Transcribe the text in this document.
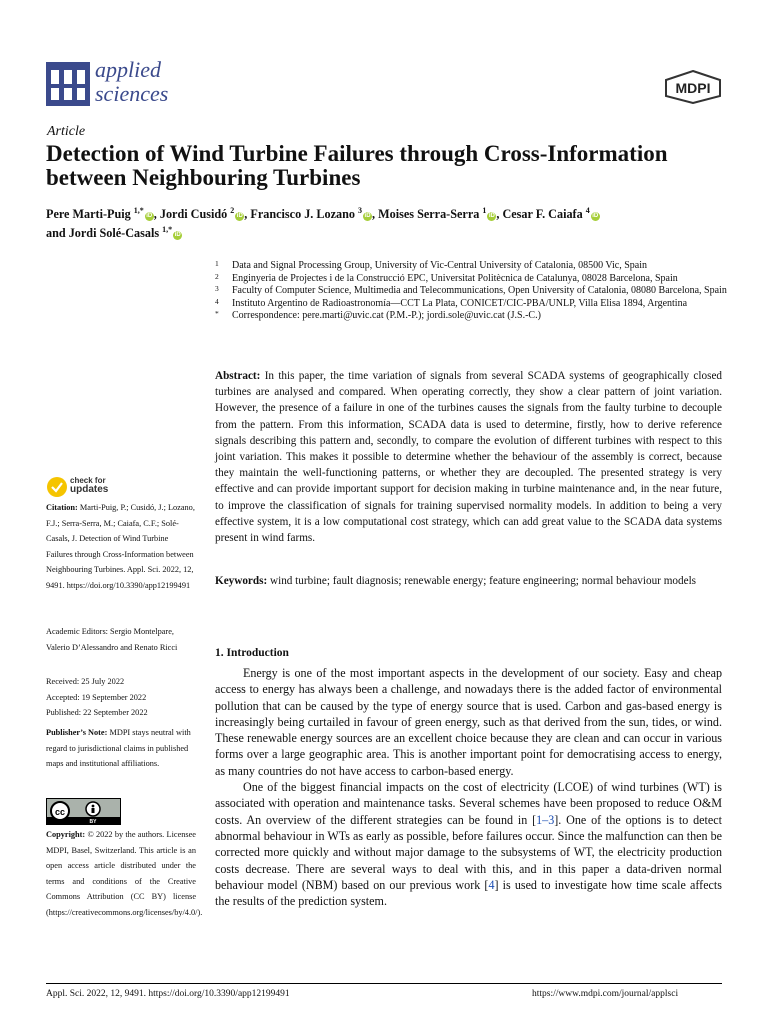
applied
sciences	MDPI
Article
Detection of Wind Turbine Failures through Cross-Information between Neighbouring Turbines
Pere Marti-Puig $^{1,*}$iD , Jordi Cusidó $^2$iD , Francisco J. Lozano $^3$iD , Moises Serra-Serra $^1$iD , Cesar F. Caiafa $^4$iD
and Jordi Solé-Casals $^{1,*}$iD
1 Data and Signal Processing Group, University of Vic-Central University of Catalonia, 08500 Vic, Spain
2 Enginyeria de Projectes i de la Construcció EPC, Universitat Politècnica de Catalunya, 08028 Barcelona, Spain
3 Faculty of Computer Science, Multimedia and Telecommunications, Open University of Catalonia, 08080 Barcelona, Spain
4 Instituto Argentino de Radioastronomía—CCT La Plata, CONICET/CIC-PBA/UNLP, Villa Elisa 1894, Argentina
* Correspondence: pere.marti@uvic.cat (P.M.-P.); jordi.sole@uvic.cat (J.S.-C.)
Abstract: In this paper, the time variation of signals from several SCADA systems of geographically closed turbines are analysed and compared. When operating correctly, they show a clear pattern of joint variation. However, the presence of a failure in one of the turbines causes the signals from the faulty turbine to decouple from the pattern. From this information, SCADA data is used to determine, firstly, how to derive reference signals describing this pattern and, secondly, to compare the evolution of different turbines with respect to this joint variation. This makes it possible to determine whether the behaviour of the assembly is correct, because they maintain the well-functioning patterns, or whether they are decoupled. The presented strategy is very effective and can provide important support for decision making in turbine maintenance and, in the near future, to improve the classification of signals for training supervised normality models. In addition to being a very effective system, it is a low computational cost strategy, which can add great value to the SCADA data systems present in wind farms.
Keywords: wind turbine; fault diagnosis; renewable energy; feature engineering; normal behaviour models
1. Introduction

Energy is one of the most important aspects in the development of our society. Easy and cheap access to energy has always been a challenge, and nowadays there is the added factor of environmental pollution that can be caused by the type of energy source that is used. Carbon and gas-based energy is increasingly being curtailed in favour of green energy, such as that derived from the sun, tides, or wind. These renewable energy sources are an excellent choice because they are clean and can occur in various forms over a large geographic area. This is another important point for democratising access to energy, as many countries do not have access to carbon-based energy.

One of the biggest financial impacts on the cost of electricity (LCOE) of wind turbines (WT) is associated with operation and maintenance tasks. Several schemes have been proposed to reduce O&M costs. An overview of the different strategies can be found in [1–3]. One of the options is to detect abnormal behaviour in WTs as early as possible, before failures occur. Since the malfunction can then be corrected more quickly and without major damage to the subsystems of WT, the electricity production costs decrease. There are several ways to deal with this, and in this paper a data-driven normal behaviour model (NBM) based on our previous work [4] is used to investigate how time scale affects the results of the prediction system.

check for
updates
Citation: Marti-Puig, P.; Cusidó, J.; Lozano, F.J.; Serra-Serra, M.; Caiafa, C.F.; Solé-Casals, J. Detection of Wind Turbine Failures through Cross-Information between Neighbouring Turbines. Appl. Sci. 2022, 12, 9491. https://doi.org/10.3390/app12199491
Academic Editors: Sergio Montelpare, Valerio D’Alessandro and Renato Ricci
Received: 25 July 2022
Accepted: 19 September 2022
Published: 22 September 2022
Publisher’s Note: MDPI stays neutral with regard to jurisdictional claims in published maps and institutional affiliations.
cc
BY
Copyright: © 2022 by the authors. Licensee MDPI, Basel, Switzerland. This article is an open access article distributed under the terms and conditions of the Creative Commons Attribution (CC BY) license (https://creativecommons.org/licenses/by/4.0/).
Appl. Sci. 2022, 12, 9491. https://doi.org/10.3390/app12199491	https://www.mdpi.com/journal/applsci
